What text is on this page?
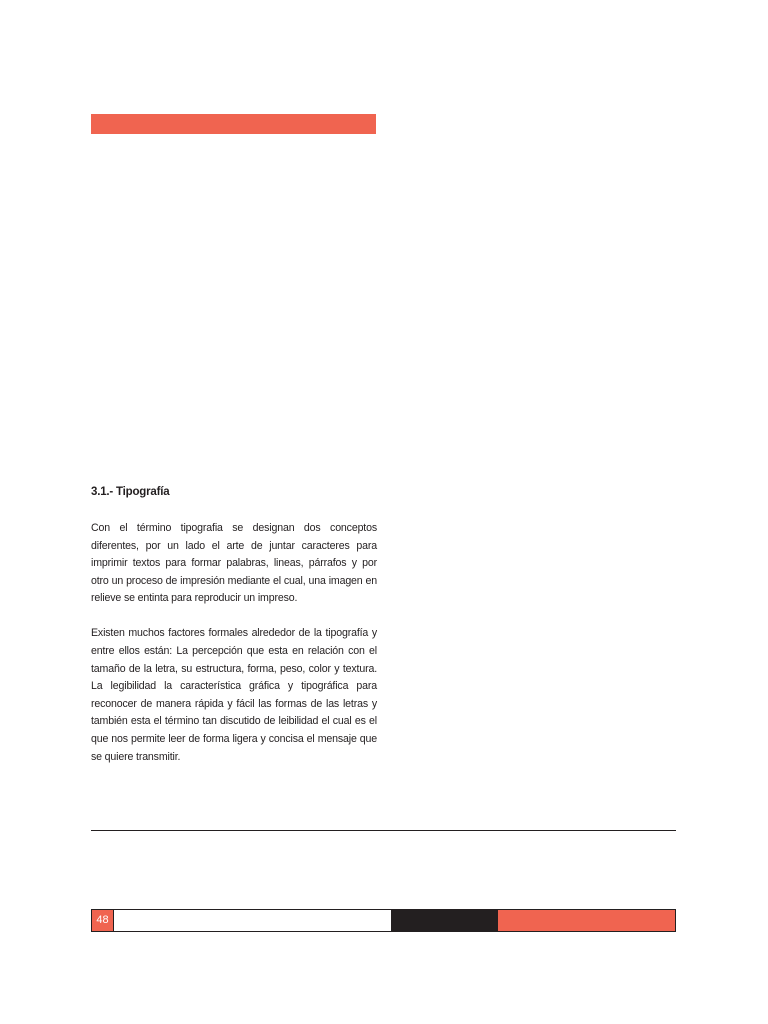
3.1.- Tipografía

Con el término tipografia se designan dos conceptos diferentes, por un lado el arte de juntar caracteres para imprimir textos para formar palabras, lineas, párrafos y por otro un proceso de impresión mediante el cual, una imagen en relieve se entinta para reproducir un impreso.

Existen muchos factores formales alrededor de la tipografía y entre ellos están: La percepción que esta en relación con el tamaño de la letra, su estructura, forma, peso, color y textura. La legibilidad la característica gráfica y tipográfica para reconocer de manera rápida y fácil las formas de las letras y también esta el término tan discutido de leibilidad el cual es el que nos permite leer de forma ligera y concisa el mensaje que se quiere transmitir.

48
